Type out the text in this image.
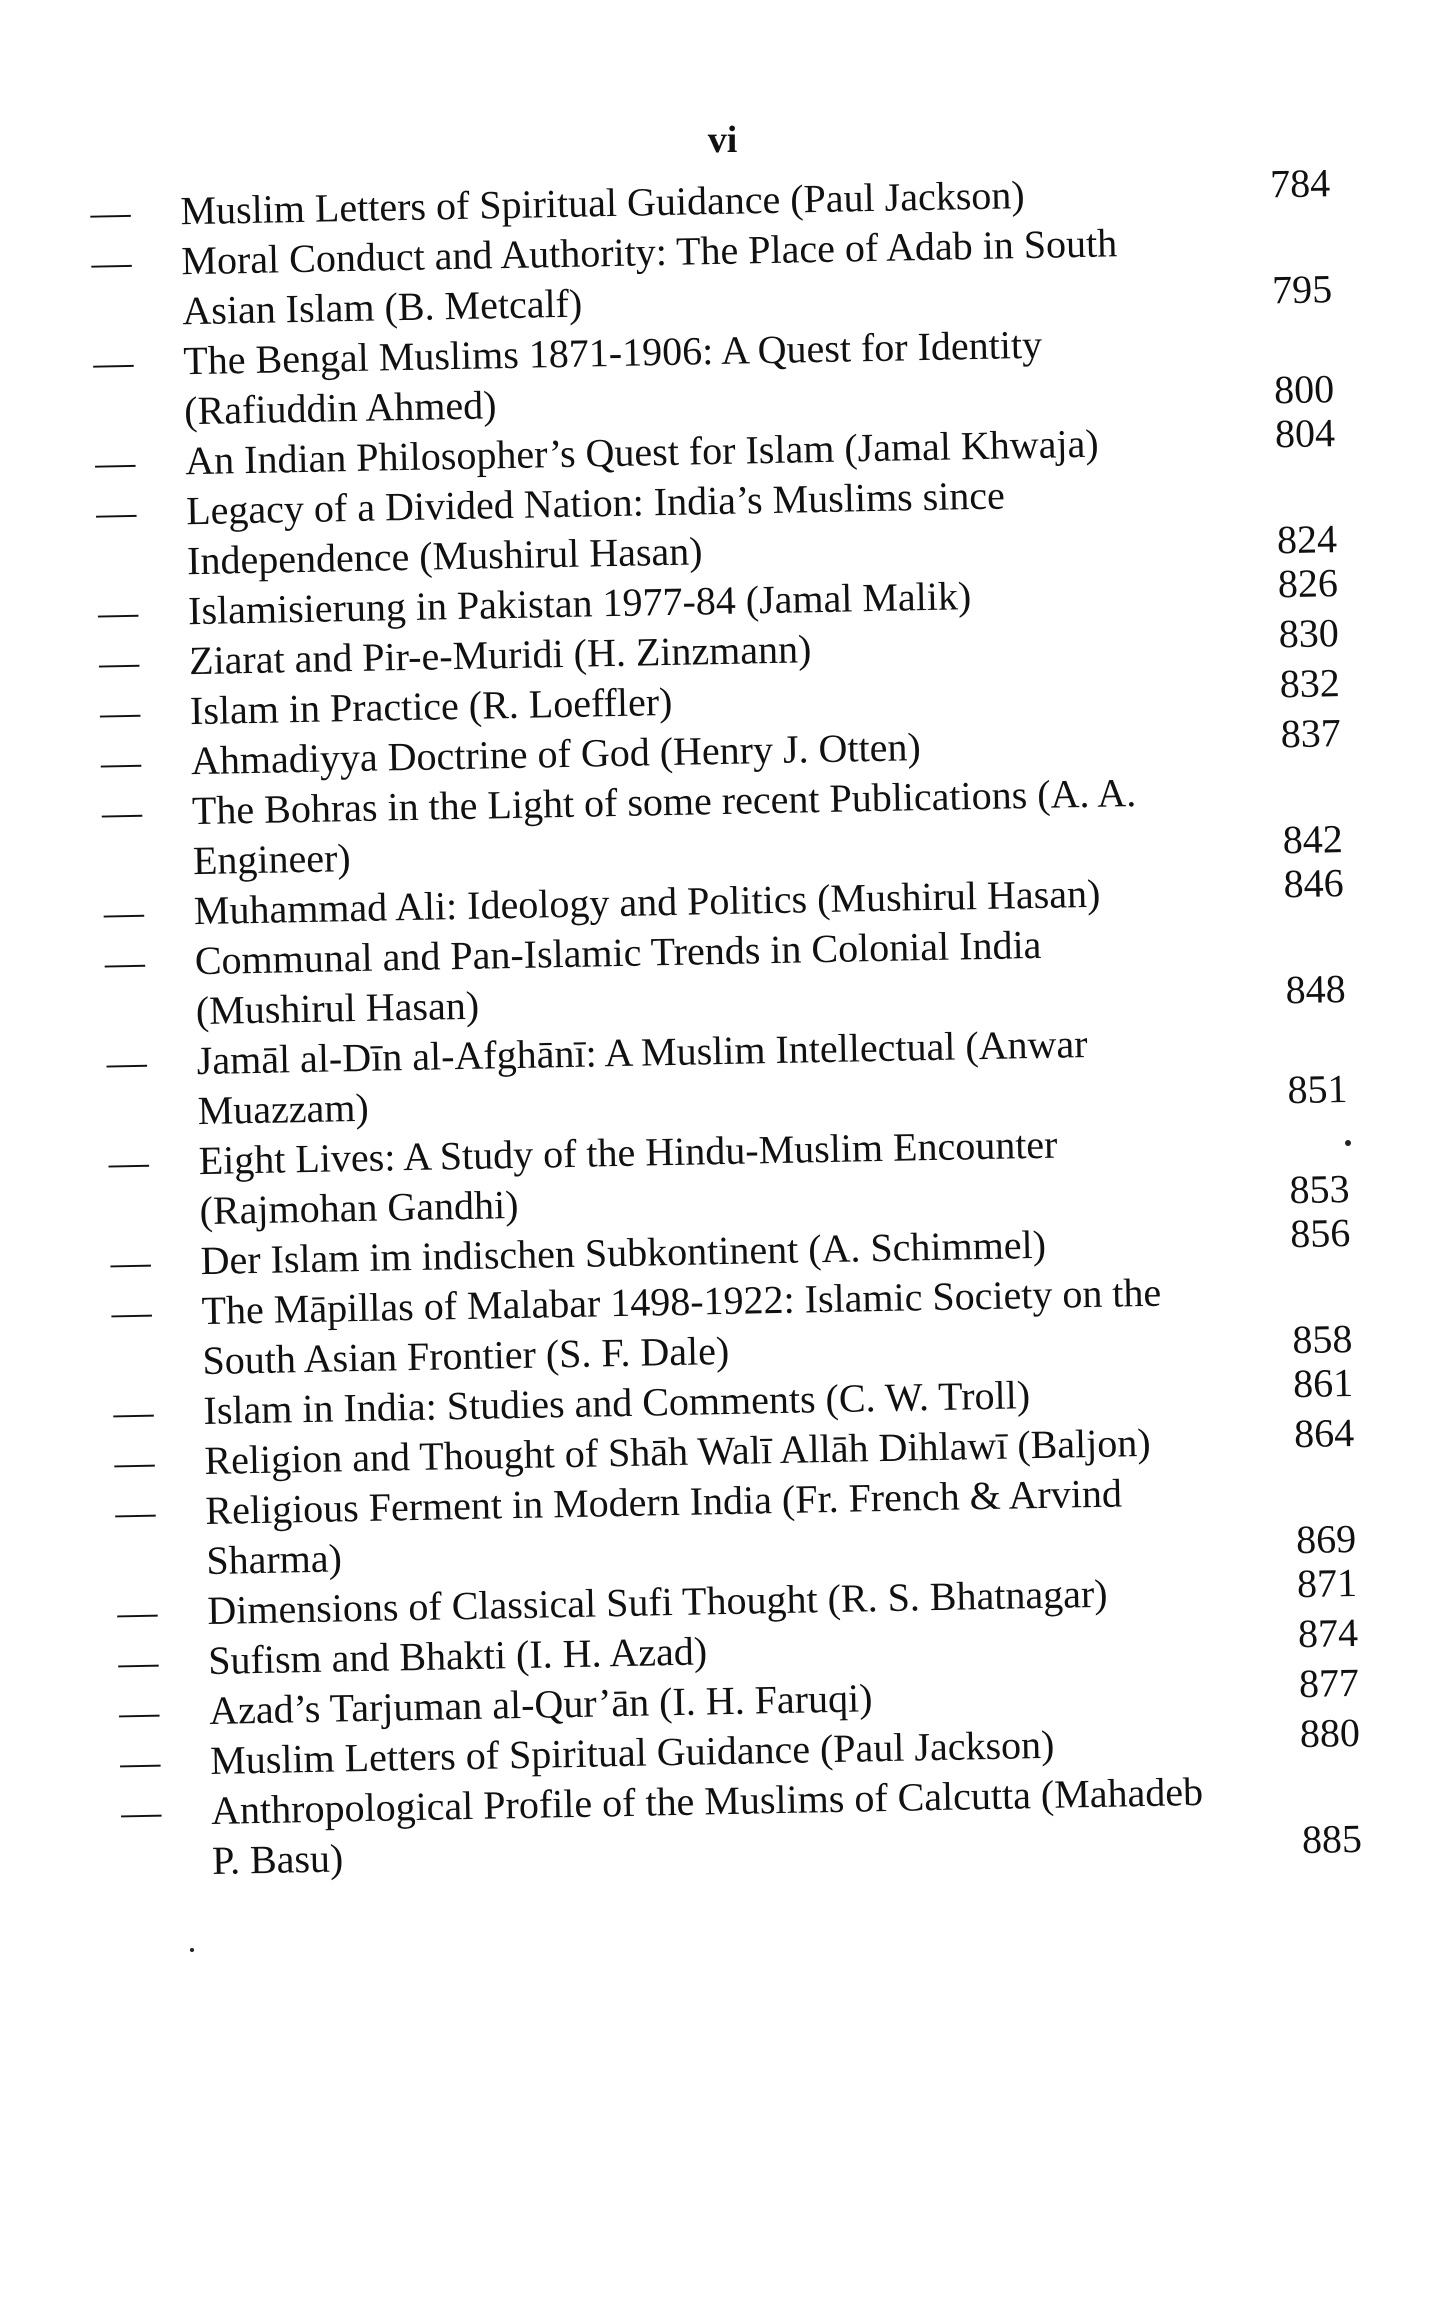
vi
— Muslim Letters of Spiritual Guidance (Paul Jackson)	784
— Moral Conduct and Authority: The Place of Adab in South Asian Islam (B. Metcalf)	795
— The Bengal Muslims 1871-1906: A Quest for Identity (Rafiuddin Ahmed)	800
— An Indian Philosopher’s Quest for Islam (Jamal Khwaja)	804
— Legacy of a Divided Nation: India’s Muslims since Independence (Mushirul Hasan)	824
— Islamisierung in Pakistan 1977-84 (Jamal Malik)	826
— Ziarat and Pir-e-Muridi (H. Zinzmann)	830
— Islam in Practice (R. Loeffler)	832
— Ahmadiyya Doctrine of God (Henry J. Otten)	837
— The Bohras in the Light of some recent Publications (A. A. Engineer)	842
— Muhammad Ali: Ideology and Politics (Mushirul Hasan)	846
— Communal and Pan-Islamic Trends in Colonial India (Mushirul Hasan)	848
— Jamāl al-Dīn al-Afghānī: A Muslim Intellectual (Anwar Muazzam)	851
— Eight Lives: A Study of the Hindu-Muslim Encounter (Rajmohan Gandhi)	853
— Der Islam im indischen Subkontinent (A. Schimmel)	856
— The Māpillas of Malabar 1498-1922: Islamic Society on the South Asian Frontier (S. F. Dale)	858
— Islam in India: Studies and Comments (C. W. Troll)	861
— Religion and Thought of Shāh Walī Allāh Dihlawī (Baljon)	864
— Religious Ferment in Modern India (Fr. French & Arvind Sharma)	869
— Dimensions of Classical Sufi Thought (R. S. Bhatnagar)	871
— Sufism and Bhakti (I. H. Azad)	874
— Azad’s Tarjuman al-Qur’ān (I. H. Faruqi)	877
— Muslim Letters of Spiritual Guidance (Paul Jackson)	880
— Anthropological Profile of the Muslims of Calcutta (Mahadeb P. Basu)	885
